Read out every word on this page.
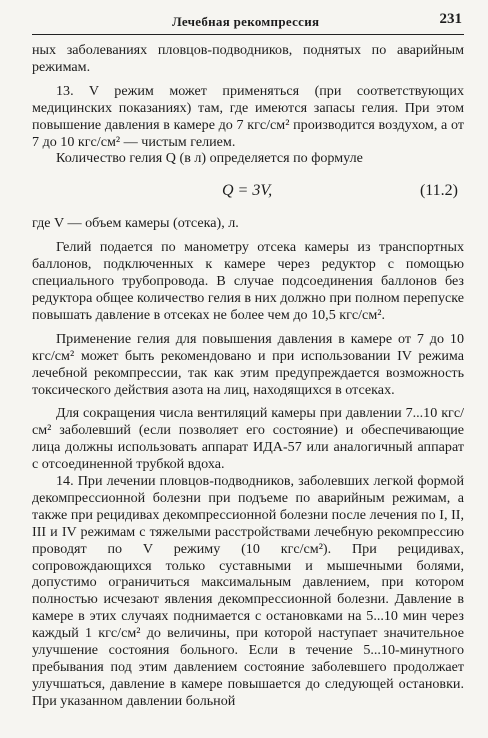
Лечебная рекомпрессия	231

ных заболеваниях пловцов-подводников, поднятых по аварийным режимам.

13. V режим может применяться (при соответствующих медицинских показаниях) там, где имеются запасы гелия. При этом повышение давления в камере до 7 кгс/см² производится воздухом, а от 7 до 10 кгс/см² — чистым гелием.

Количество гелия Q (в л) определяется по формуле

Q = 3V,	(11.2)

где V — объем камеры (отсека), л.

Гелий подается по манометру отсека камеры из транспортных баллонов, подключенных к камере через редуктор с помощью специального трубопровода. В случае подсоединения баллонов без редуктора общее количество гелия в них должно при полном перепуске повышать давление в отсеках не более чем до 10,5 кгс/см².

Применение гелия для повышения давления в камере от 7 до 10 кгс/см² может быть рекомендовано и при использовании IV режима лечебной рекомпрессии, так как этим предупреждается возможность токсического действия азота на лиц, находящихся в отсеках.

Для сокращения числа вентиляций камеры при давлении 7...10 кгс/см² заболевший (если позволяет его состояние) и обеспечивающие лица должны использовать аппарат ИДА-57 или аналогичный аппарат с отсоединенной трубкой вдоха.

14. При лечении пловцов-подводников, заболевших легкой формой декомпрессионной болезни при подъеме по аварийным режимам, а также при рецидивах декомпрессионной болезни после лечения по I, II, III и IV режимам с тяжелыми расстройствами лечебную рекомпрессию проводят по V режиму (10 кгс/см²). При рецидивах, сопровождающихся только суставными и мышечными болями, допустимо ограничиться максимальным давлением, при котором полностью исчезают явления декомпрессионной болезни. Давление в камере в этих случаях поднимается с остановками на 5...10 мин через каждый 1 кгс/см² до величины, при которой наступает значительное улучшение состояния больного. Если в течение 5...10-минутного пребывания под этим давлением состояние заболевшего продолжает улучшаться, давление в камере повышается до следующей остановки. При указанном давлении больной
